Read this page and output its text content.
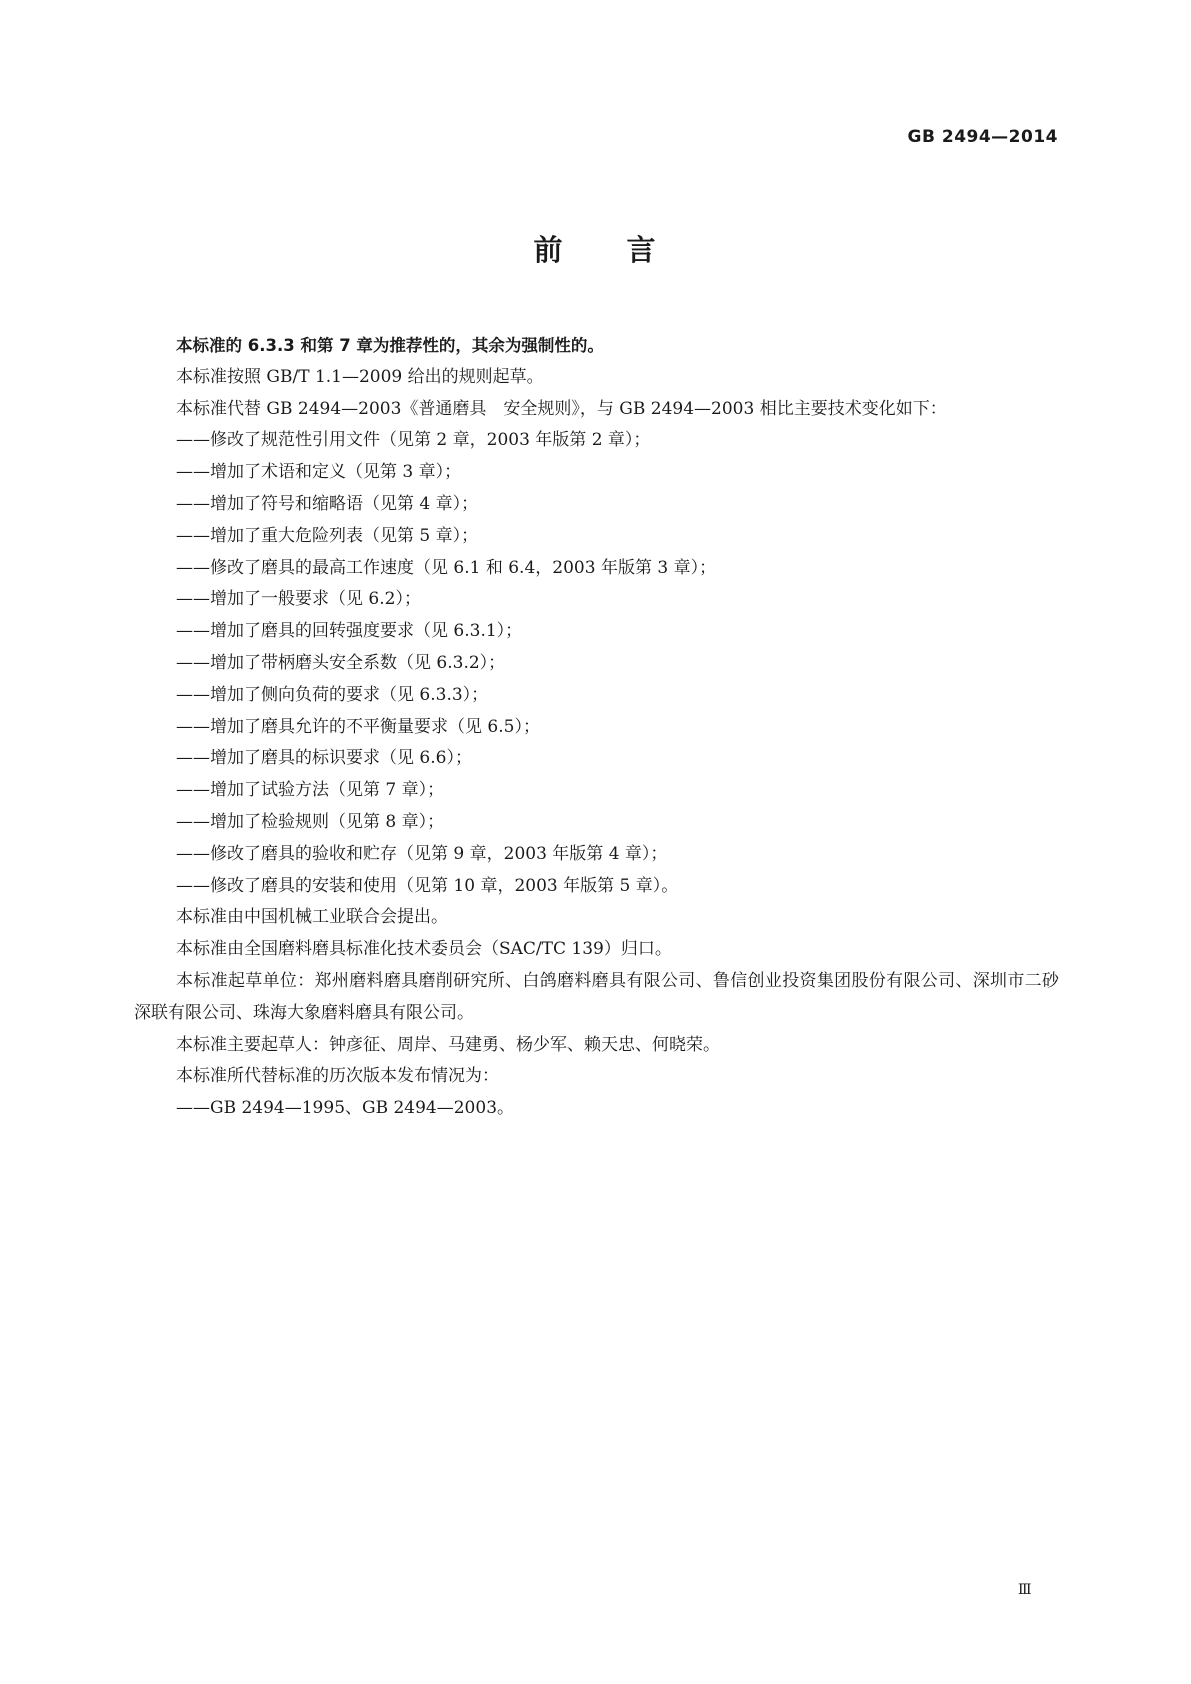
GB 2494—2014
前 言

本标准的 6.3.3 和第 7 章为推荐性的，其余为强制性的。

本标准按照 GB/T 1.1—2009 给出的规则起草。

本标准代替 GB 2494—2003《普通磨具　安全规则》，与 GB 2494—2003 相比主要技术变化如下：

——修改了规范性引用文件（见第 2 章，2003 年版第 2 章）；

——增加了术语和定义（见第 3 章）；

——增加了符号和缩略语（见第 4 章）；

——增加了重大危险列表（见第 5 章）；

——修改了磨具的最高工作速度（见 6.1 和 6.4，2003 年版第 3 章）；

——增加了一般要求（见 6.2）；

——增加了磨具的回转强度要求（见 6.3.1）；

——增加了带柄磨头安全系数（见 6.3.2）；

——增加了侧向负荷的要求（见 6.3.3）；

——增加了磨具允许的不平衡量要求（见 6.5）；

——增加了磨具的标识要求（见 6.6）；

——增加了试验方法（见第 7 章）；

——增加了检验规则（见第 8 章）；

——修改了磨具的验收和贮存（见第 9 章，2003 年版第 4 章）；

——修改了磨具的安装和使用（见第 10 章，2003 年版第 5 章）。

本标准由中国机械工业联合会提出。

本标准由全国磨料磨具标准化技术委员会（SAC/TC 139）归口。

本标准起草单位：郑州磨料磨具磨削研究所、白鸽磨料磨具有限公司、鲁信创业投资集团股份有限公司、深圳市二砂深联有限公司、珠海大象磨料磨具有限公司。

本标准主要起草人：钟彦征、周岸、马建勇、杨少军、赖天忠、何晓荣。

本标准所代替标准的历次版本发布情况为：

——GB 2494—1995、GB 2494—2003。

Ⅲ
